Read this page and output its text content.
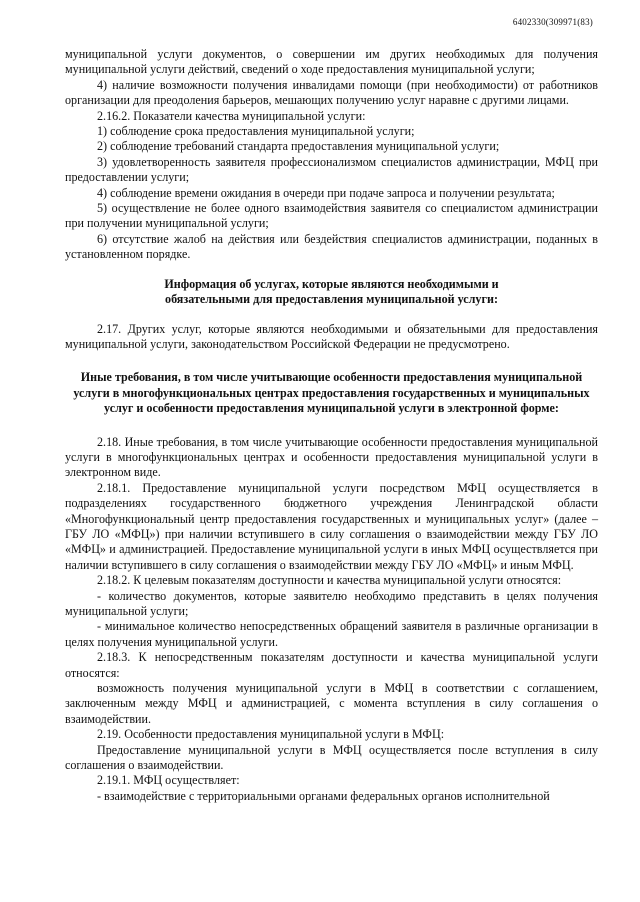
6402330(309971(83)

муниципальной услуги документов, о совершении им других необходимых для получения муниципальной услуги действий, сведений о ходе предоставления муниципальной услуги;

4) наличие возможности получения инвалидами помощи (при необходимости) от работников организации для преодоления барьеров, мешающих получению услуг наравне с другими лицами.

2.16.2. Показатели качества муниципальной услуги:

1) соблюдение срока предоставления муниципальной услуги;

2) соблюдение требований стандарта предоставления муниципальной услуги;

3) удовлетворенность заявителя профессионализмом специалистов администрации, МФЦ при предоставлении услуги;

4) соблюдение времени ожидания в очереди при подаче запроса и получении результата;

5) осуществление не более одного взаимодействия заявителя со специалистом администрации при получении муниципальной услуги;

6) отсутствие жалоб на действия или бездействия специалистов администрации, поданных в установленном порядке.

Информация об услугах, которые являются необходимыми и обязательными для предоставления муниципальной услуги:

2.17. Других услуг, которые являются необходимыми и обязательными для предоставления муниципальной услуги, законодательством Российской Федерации не предусмотрено.

Иные требования, в том числе учитывающие особенности предоставления муниципальной услуги в многофункциональных центрах предоставления государственных и муниципальных услуг и особенности предоставления муниципальной услуги в электронной форме:

2.18. Иные требования, в том числе учитывающие особенности предоставления муниципальной услуги в многофункциональных центрах и особенности предоставления муниципальной услуги в электронном виде.

2.18.1. Предоставление муниципальной услуги посредством МФЦ осуществляется в подразделениях государственного бюджетного учреждения Ленинградской области «Многофункциональный центр предоставления государственных и муниципальных услуг» (далее – ГБУ ЛО «МФЦ») при наличии вступившего в силу соглашения о взаимодействии между ГБУ ЛО «МФЦ» и администрацией. Предоставление муниципальной услуги в иных МФЦ осуществляется при наличии вступившего в силу соглашения о взаимодействии между ГБУ ЛО «МФЦ» и иным МФЦ.

2.18.2. К целевым показателям доступности и качества муниципальной услуги относятся:

- количество документов, которые заявителю необходимо представить в целях получения муниципальной услуги;

- минимальное количество непосредственных обращений заявителя в различные организации в целях получения муниципальной услуги.

2.18.3. К непосредственным показателям доступности и качества муниципальной услуги относятся:

возможность получения муниципальной услуги в МФЦ в соответствии с соглашением, заключенным между МФЦ и администрацией, с момента вступления в силу соглашения о взаимодействии.

2.19. Особенности предоставления муниципальной услуги в МФЦ:

Предоставление муниципальной услуги в МФЦ осуществляется после вступления в силу соглашения о взаимодействии.

2.19.1. МФЦ осуществляет:

- взаимодействие с территориальными органами федеральных органов исполнительной
